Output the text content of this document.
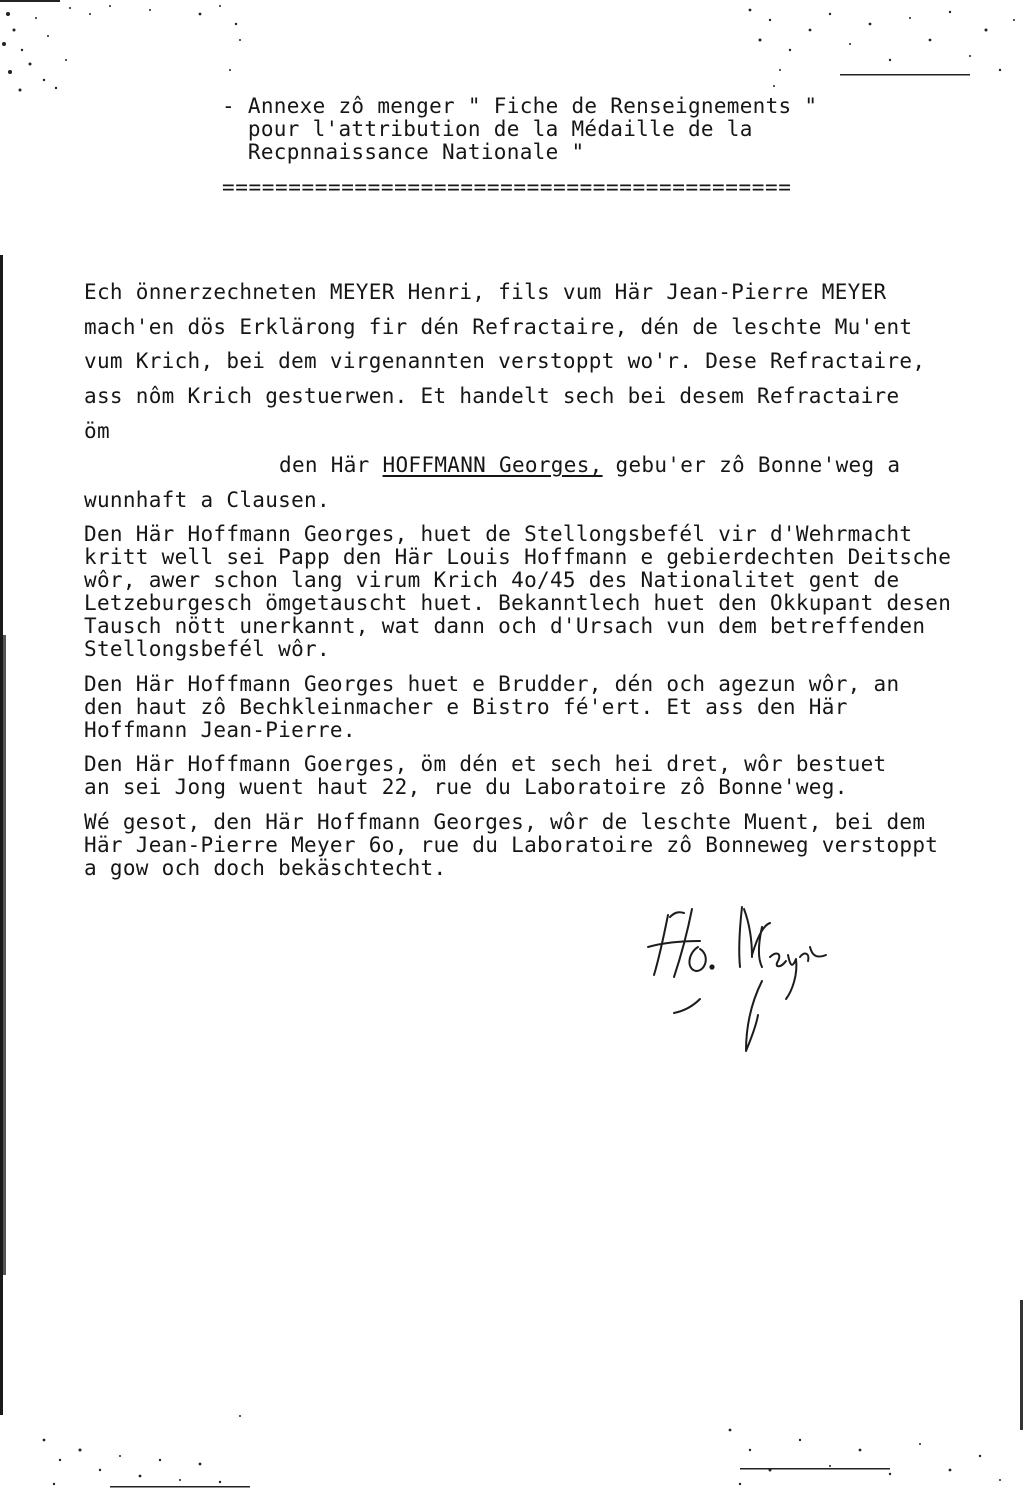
- Annexe zô menger " Fiche de Renseignements "
pour l'attribution de la Médaille de la
Recpnnaissance Nationale "
===========================================
Ech önnerzechneten MEYER Henri, fils vum Här Jean-Pierre MEYER
mach'en dös Erklärong fir dén Refractaire, dén de leschte Mu'ent
vum Krich, bei dem virgenannten verstoppt wo'r. Dese Refractaire,
ass nôm Krich gestuerwen. Et handelt sech bei desem Refractaire
öm
den Här HOFFMANN Georges, gebu'er zô Bonne'weg a
wunnhaft a Clausen.
Den Här Hoffmann Georges, huet de Stellongsbefél vir d'Wehrmacht
kritt well sei Papp den Här Louis Hoffmann e gebierdechten Deitsche
wôr, awer schon lang virum Krich 4o/45 des Nationalitet gent de
Letzeburgesch ömgetauscht huet. Bekanntlech huet den Okkupant desen
Tausch nött unerkannt, wat dann och d'Ursach vun dem betreffenden
Stellongsbefél wôr.
Den Här Hoffmann Georges huet e Brudder, dén och agezun wôr, an
den haut zô Bechkleinmacher e Bistro fé'ert. Et ass den Här
Hoffmann Jean-Pierre.
Den Här Hoffmann Goerges, öm dén et sech hei dret, wôr bestuet
an sei Jong wuent haut 22, rue du Laboratoire zô Bonne'weg.
Wé gesot, den Här Hoffmann Georges, wôr de leschte Muent, bei dem
Här Jean-Pierre Meyer 6o, rue du Laboratoire zô Bonneweg verstoppt
a gow och doch bekäschtecht.
